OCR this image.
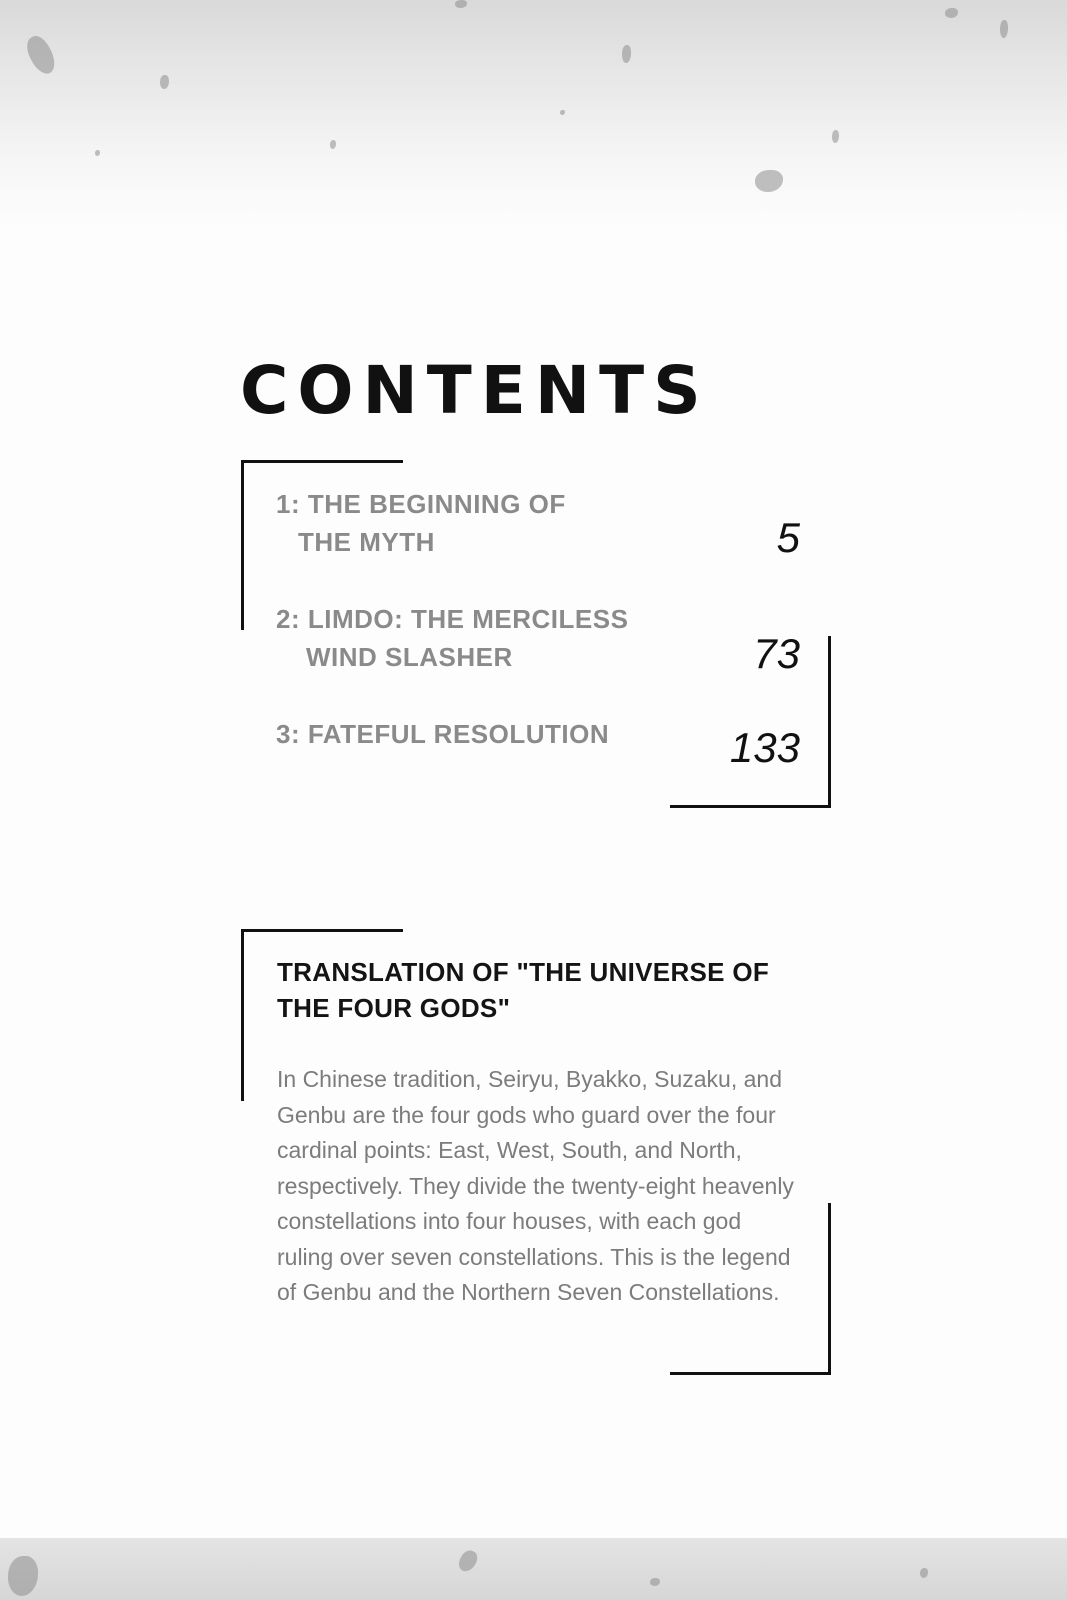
CONTENTS

1: THE BEGINNING OF
THE MYTH	5

2: LIMDO: THE MERCILESS
WIND SLASHER	73

3: FATEFUL RESOLUTION	133

TRANSLATION OF "THE UNIVERSE OF THE FOUR GODS"

In Chinese tradition, Seiryu, Byakko, Suzaku, and Genbu are the four gods who guard over the four cardinal points: East, West, South, and North, respectively. They divide the twenty-eight heavenly constellations into four houses, with each god ruling over seven constellations. This is the legend of Genbu and the Northern Seven Constellations.
